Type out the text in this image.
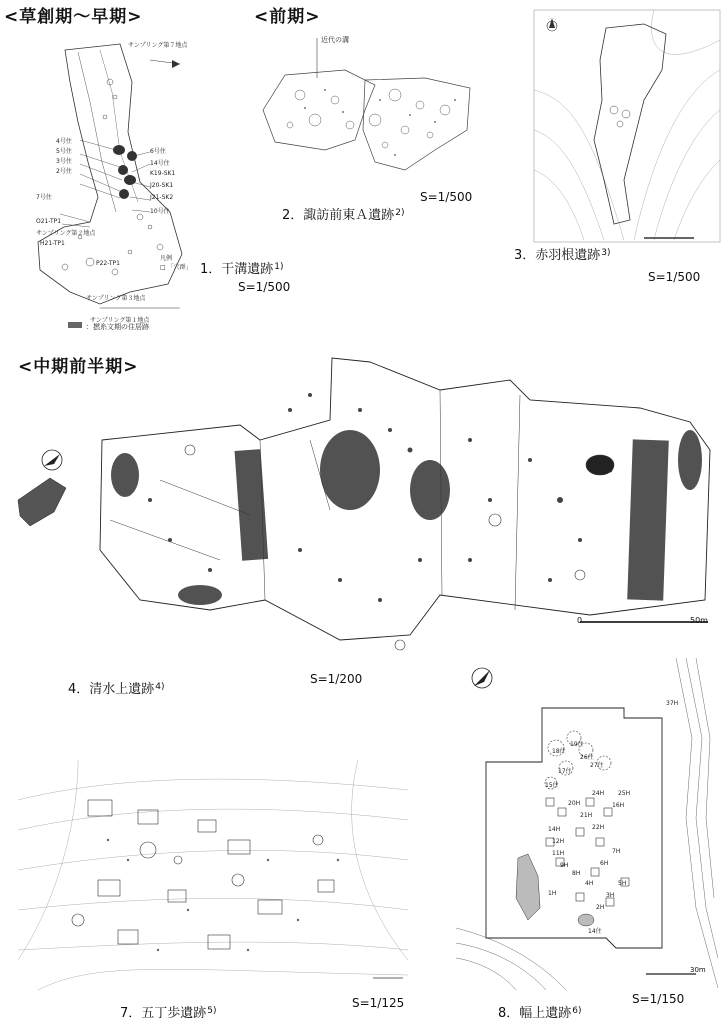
<草創期～早期>	<前期>
<中期前半期>
サンプリング第７地点
4号住
5号住
3号住
2号住
6号住
14号住
K19-SK1
J20-SK1
J21-SK2
10号住
7号住
O21-TP1
サンプリング第２地点
H21-TP1
P22-TP1
サンプリング第３地点
サンプリング第１地点
凡例
□ 「穴群」
：撚糸文期の住居跡
1．干溝遺跡$^{1)}$
S=1/500
近代の溝
2．諏訪前東Ａ遺跡$^{2)}$
S=1/500
3．赤羽根遺跡$^{3)}$
S=1/500
0	50m
4．清水上遺跡$^{4)}$
S=1/200
7．五丁歩遺跡$^{5)}$
S=1/125
19住
18住
26住
27住
17住
20H
24H 25H
16H
15住
14H
12H
11H
9H
8H
6H
7H
4H
2H
3H
5H
14住
37H
21H
22H
1H
30m
8．幅上遺跡$^{6)}$
S=1/150
